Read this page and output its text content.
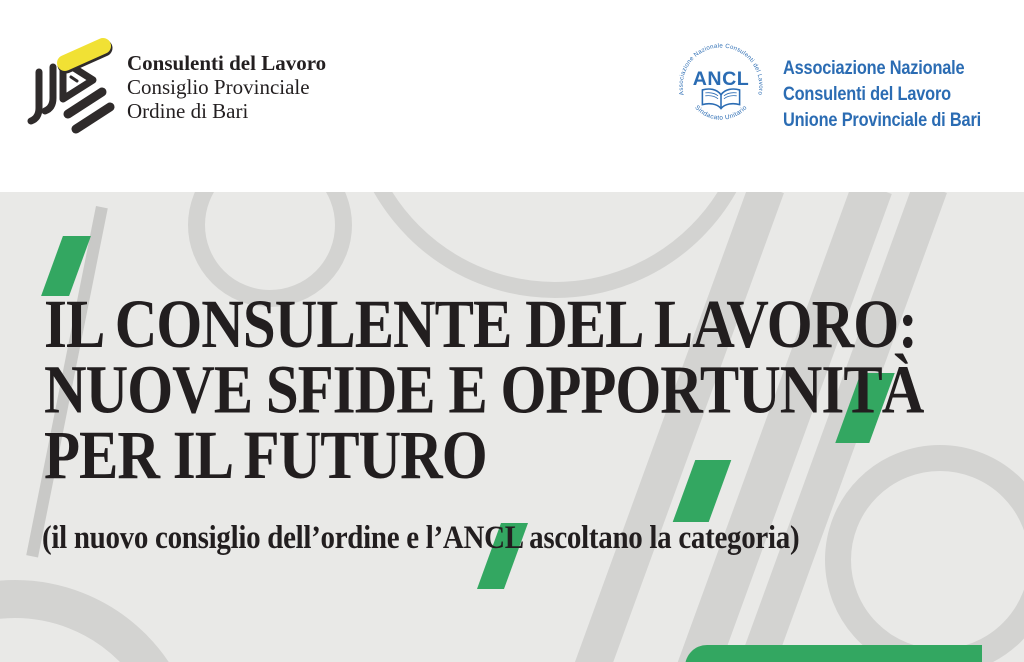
Consulenti del Lavoro
Consiglio Provinciale
Ordine di Bari
Associazione Nazionale Consulenti del Lavoro
Sindacato Unitario
ANCL Associazione Nazionale
Consulenti del Lavoro
Unione Provinciale di Bari
IL CONSULENTE DEL LAVORO:
NUOVE SFIDE E OPPORTUNITÀ
PER IL FUTURO

(il nuovo consiglio dell’ordine e l’ANCL ascoltano la categoria)
